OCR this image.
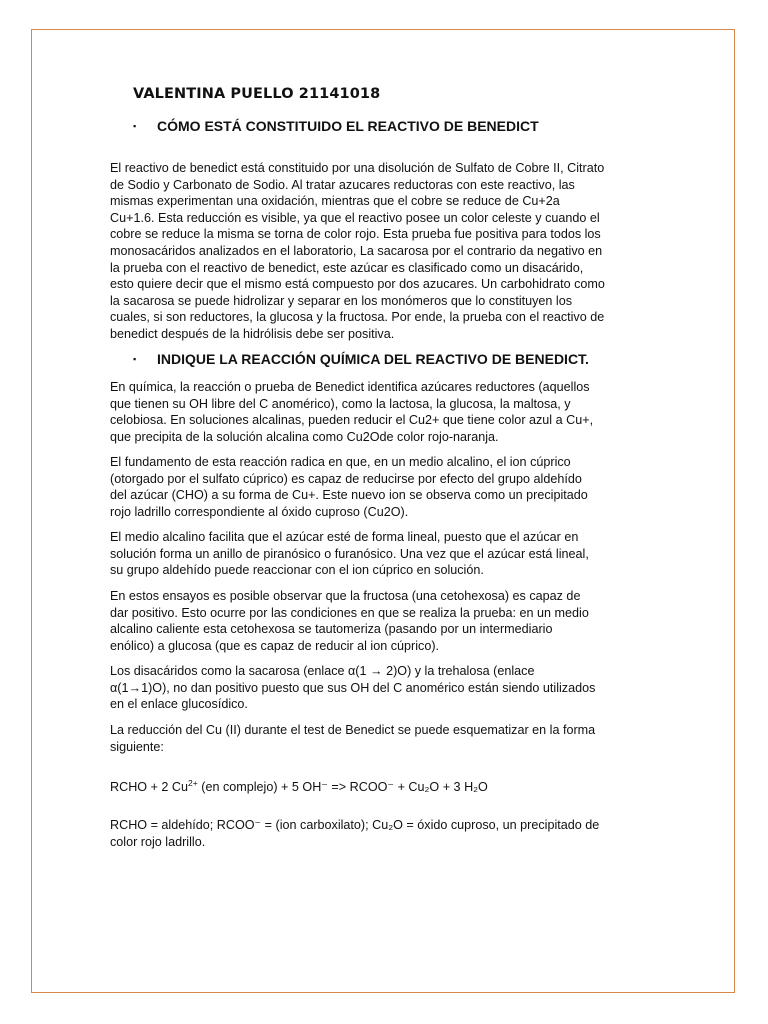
VALENTINA PUELLO 21141018
▪ CÓMO ESTÁ CONSTITUIDO EL REACTIVO DE BENEDICT

El reactivo de benedict está constituido por una disolución de Sulfato de Cobre II, Citrato
de Sodio y Carbonato de Sodio. Al tratar azucares reductoras con este reactivo, las
mismas experimentan una oxidación, mientras que el cobre se reduce de Cu+2a
Cu+1.6. Esta reducción es visible, ya que el reactivo posee un color celeste y cuando el
cobre se reduce la misma se torna de color rojo. Esta prueba fue positiva para todos los
monosacáridos analizados en el laboratorio, La sacarosa por el contrario da negativo en
la prueba con el reactivo de benedict, este azúcar es clasificado como un disacárido,
esto quiere decir que el mismo está compuesto por dos azucares. Un carbohidrato como
la sacarosa se puede hidrolizar y separar en los monómeros que lo constituyen los
cuales, si son reductores, la glucosa y la fructosa. Por ende, la prueba con el reactivo de
benedict después de la hidrólisis debe ser positiva.

▪ INDIQUE LA REACCIÓN QUÍMICA DEL REACTIVO DE BENEDICT.

En química, la reacción o prueba de Benedict identifica azúcares reductores (aquellos
que tienen su OH libre del C anomérico), como la lactosa, la glucosa, la maltosa, y
celobiosa. En soluciones alcalinas, pueden reducir el Cu2+ que tiene color azul a Cu+,
que precipita de la solución alcalina como Cu2Ode color rojo-naranja.

El fundamento de esta reacción radica en que, en un medio alcalino, el ion cúprico
(otorgado por el sulfato cúprico) es capaz de reducirse por efecto del grupo aldehído
del azúcar (CHO) a su forma de Cu+. Este nuevo ion se observa como un precipitado
rojo ladrillo correspondiente al óxido cuproso (Cu2O).

El medio alcalino facilita que el azúcar esté de forma lineal, puesto que el azúcar en
solución forma un anillo de piranósico o furanósico. Una vez que el azúcar está lineal,
su grupo aldehído puede reaccionar con el ion cúprico en solución.

En estos ensayos es posible observar que la fructosa (una cetohexosa) es capaz de
dar positivo. Esto ocurre por las condiciones en que se realiza la prueba: en un medio
alcalino caliente esta cetohexosa se tautomeriza (pasando por un intermediario
enólico) a glucosa (que es capaz de reducir al ion cúprico).

Los disacáridos como la sacarosa (enlace α(1 → 2)O) y la trehalosa (enlace
α(1→1)O), no dan positivo puesto que sus OH del C anomérico están siendo utilizados
en el enlace glucosídico.

La reducción del Cu (II) durante el test de Benedict se puede esquematizar en la forma
siguiente:

RCHO + 2 $Cu^{2+}$ (en complejo) + 5 OH⁻ => RCOO⁻ + Cu₂O + 3 H₂O

RCHO = aldehído; RCOO⁻ = (ion carboxilato); Cu₂O = óxido cuproso, un precipitado de
color rojo ladrillo.
